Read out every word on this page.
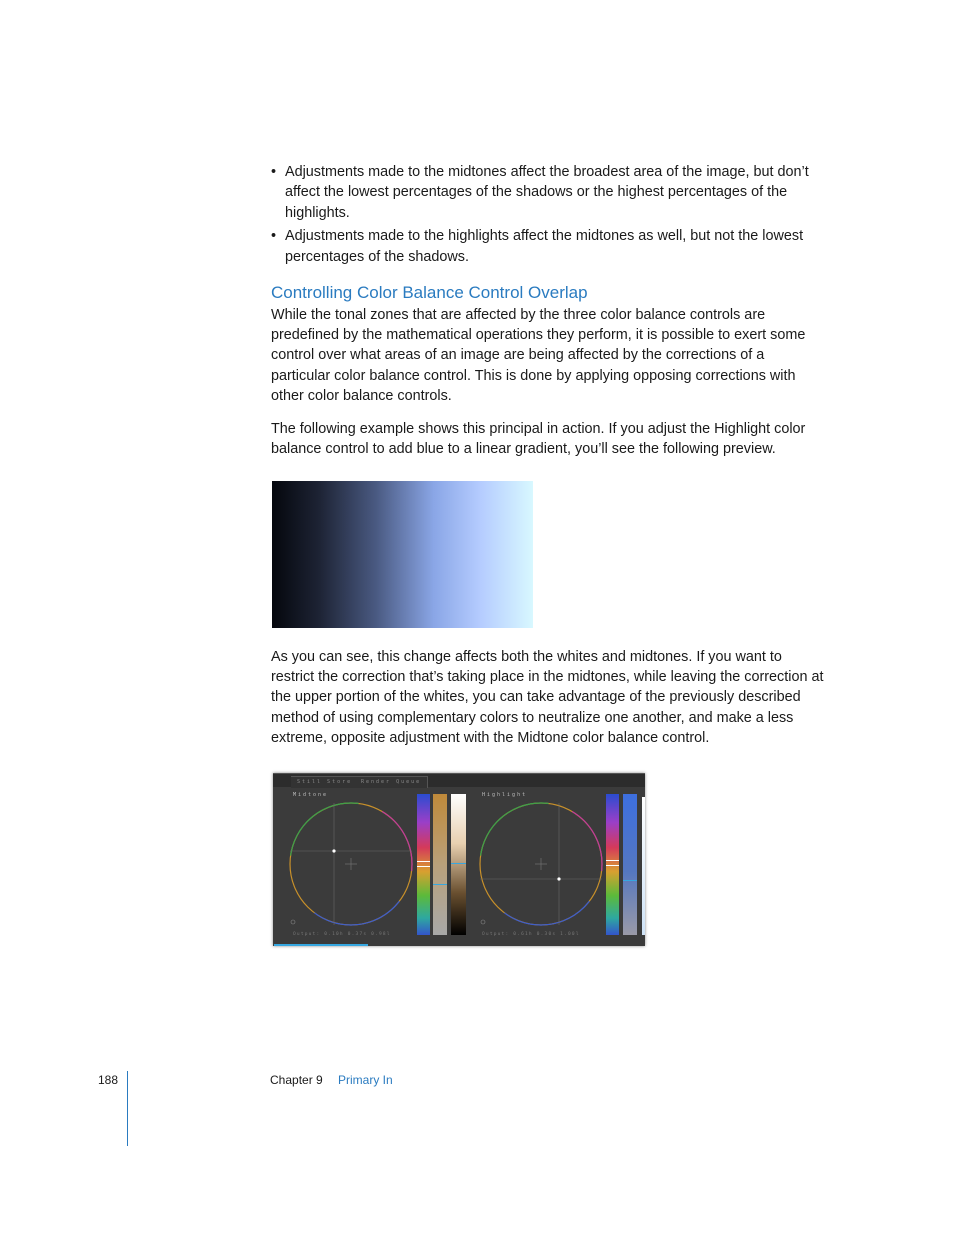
• Adjustments made to the midtones affect the broadest area of the image, but don’t affect the lowest percentages of the shadows or the highest percentages of the highlights.
• Adjustments made to the highlights affect the midtones as well, but not the lowest percentages of the shadows.
Controlling Color Balance Control Overlap

While the tonal zones that are affected by the three color balance controls are predefined by the mathematical operations they perform, it is possible to exert some control over what areas of an image are being affected by the corrections of a particular color balance control. This is done by applying opposing corrections with other color balance controls.

The following example shows this principal in action. If you adjust the Highlight color balance control to add blue to a linear gradient, you’ll see the following preview.

As you can see, this change affects both the whites and midtones. If you want to restrict the correction that’s taking place in the midtones, while leaving the correction at the upper portion of the whites, you can take advantage of the previously described method of using complementary colors to neutralize one another, and make a less extreme, opposite adjustment with the Midtone color balance control.

Still Store	Render Queue
Midtone	Highlight
Output: 0.10h 0.37s 0.98l	Output: 0.61h 0.30s 1.00l
188	Chapter 9 Primary In
